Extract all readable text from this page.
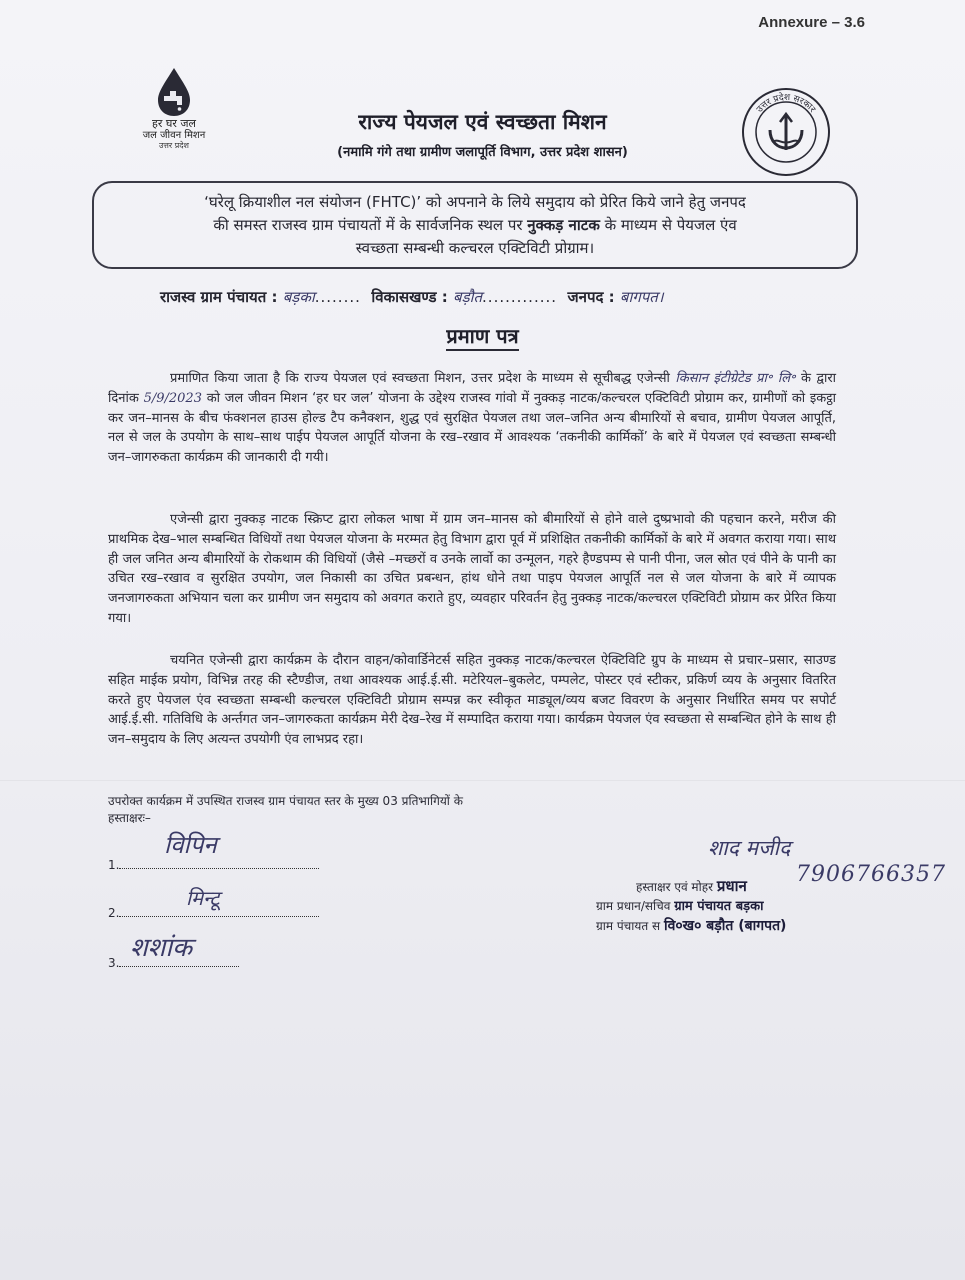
Annexure – 3.6
हर घर जल
जल जीवन मिशन
उत्तर प्रदेश
उत्तर प्रदेश सरकार
राज्य पेयजल एवं स्वच्छता मिशन
(नमामि गंगे तथा ग्रामीण जलापूर्ति विभाग, उत्तर प्रदेश शासन)
‘घरेलू क्रियाशील नल संयोजन (FHTC)’ को अपनाने के लिये समुदाय को प्रेरित किये जाने हेतु जनपद
की समस्त राजस्व ग्राम पंचायतों में के सार्वजनिक स्थल पर नुक्कड़ नाटक के माध्यम से पेयजल एंव
स्वच्छता सम्बन्धी कल्चरल एक्टिविटी प्रोग्राम।
राजस्व ग्राम पंचायत : बड़का........ विकासखण्ड : बड़ौत............. जनपद : बागपत।
प्रमाण पत्र
प्रमाणित किया जाता है कि राज्य पेयजल एवं स्वच्छता मिशन, उत्तर प्रदेश के माध्यम से सूचीबद्ध एजेन्सी किसान इंटीग्रेटेड प्रा॰ लि॰ के द्वारा दिनांक 5/9/2023 को जल जीवन मिशन ‘हर घर जल’ योजना के उद्देश्य राजस्व गांवो में नुक्कड़ नाटक/कल्चरल एक्टिविटी प्रोग्राम कर, ग्रामीणों को इकट्ठा कर जन–मानस के बीच फंक्शनल हाउस होल्ड टैप कनैक्शन, शुद्ध एवं सुरक्षित पेयजल तथा जल–जनित अन्य बीमारियों से बचाव, ग्रामीण पेयजल आपूर्ति, नल से जल के उपयोग के साथ–साथ पाईप पेयजल आपूर्ति योजना के रख–रखाव में आवश्यक ‘तकनीकी कार्मिकों’ के बारे में पेयजल एवं स्वच्छता सम्बन्धी जन–जागरुकता कार्यक्रम की जानकारी दी गयी।
एजेन्सी द्वारा नुक्कड़ नाटक स्क्रिप्ट द्वारा लोकल भाषा में ग्राम जन–मानस को बीमारियों से होने वाले दुष्प्रभावो की पहचान करने, मरीज की प्राथमिक देख–भाल सम्बन्धित विधियों तथा पेयजल योजना के मरम्मत हेतु विभाग द्वारा पूर्व में प्रशिक्षित तकनीकी कार्मिकों के बारे में अवगत कराया गया। साथ ही जल जनित अन्य बीमारियों के रोकथाम की विधियों (जैसे –मच्छरों व उनके लार्वो का उन्मूलन, गहरे हैण्डपम्प से पानी पीना, जल स्रोत एवं पीने के पानी का उचित रख–रखाव व सुरक्षित उपयोग, जल निकासी का उचित प्रबन्धन, हांथ धोने तथा पाइप पेयजल आपूर्ति नल से जल योजना के बारे में व्यापक जनजागरुकता अभियान चला कर ग्रामीण जन समुदाय को अवगत कराते हुए, व्यवहार परिवर्तन हेतु नुक्कड़ नाटक/कल्चरल एक्टिविटी प्रोग्राम कर प्रेरित किया गया।
चयनित एजेन्सी द्वारा कार्यक्रम के दौरान वाहन/कोवार्डिनेटर्स सहित नुक्कड़ नाटक/कल्चरल ऐक्टिविटि ग्रुप के माध्यम से प्रचार–प्रसार, साउण्ड सहित माईक प्रयोग, विभिन्न तरह की स्टैण्डीज, तथा आवश्यक आई.ई.सी. मटेरियल–बुकलेट, पम्पलेट, पोस्टर एवं स्टीकर, प्रकिर्ण व्यय के अनुसार वितरित करते हुए पेयजल एंव स्वच्छता सम्बन्धी कल्चरल एक्टिविटी प्रोग्राम सम्पन्न कर स्वीकृत माड्यूल/व्यय बजट विवरण के अनुसार निर्धारित समय पर सपोर्ट आई.ई.सी. गतिविधि के अर्न्तगत जन–जागरुकता कार्यक्रम मेरी देख–रेख में सम्पादित कराया गया। कार्यक्रम पेयजल एंव स्वच्छता से सम्बन्धित होने के साथ ही जन–समुदाय के लिए अत्यन्त उपयोगी एंव लाभप्रद रहा।
उपरोक्त कार्यक्रम में उपस्थित राजस्व ग्राम पंचायत स्तर के मुख्य 03 प्रतिभागियों के
हस्ताक्षरः–
1.
विपिन
2.
मिन्टू
3. शशांक
शाद मजीद
7906766357
हस्ताक्षर एवं मोहर प्रधान
ग्राम प्रधान/सचिव ग्राम पंचायत बड़का
ग्राम पंचायत स वि०ख० बड़ौत (बागपत)
